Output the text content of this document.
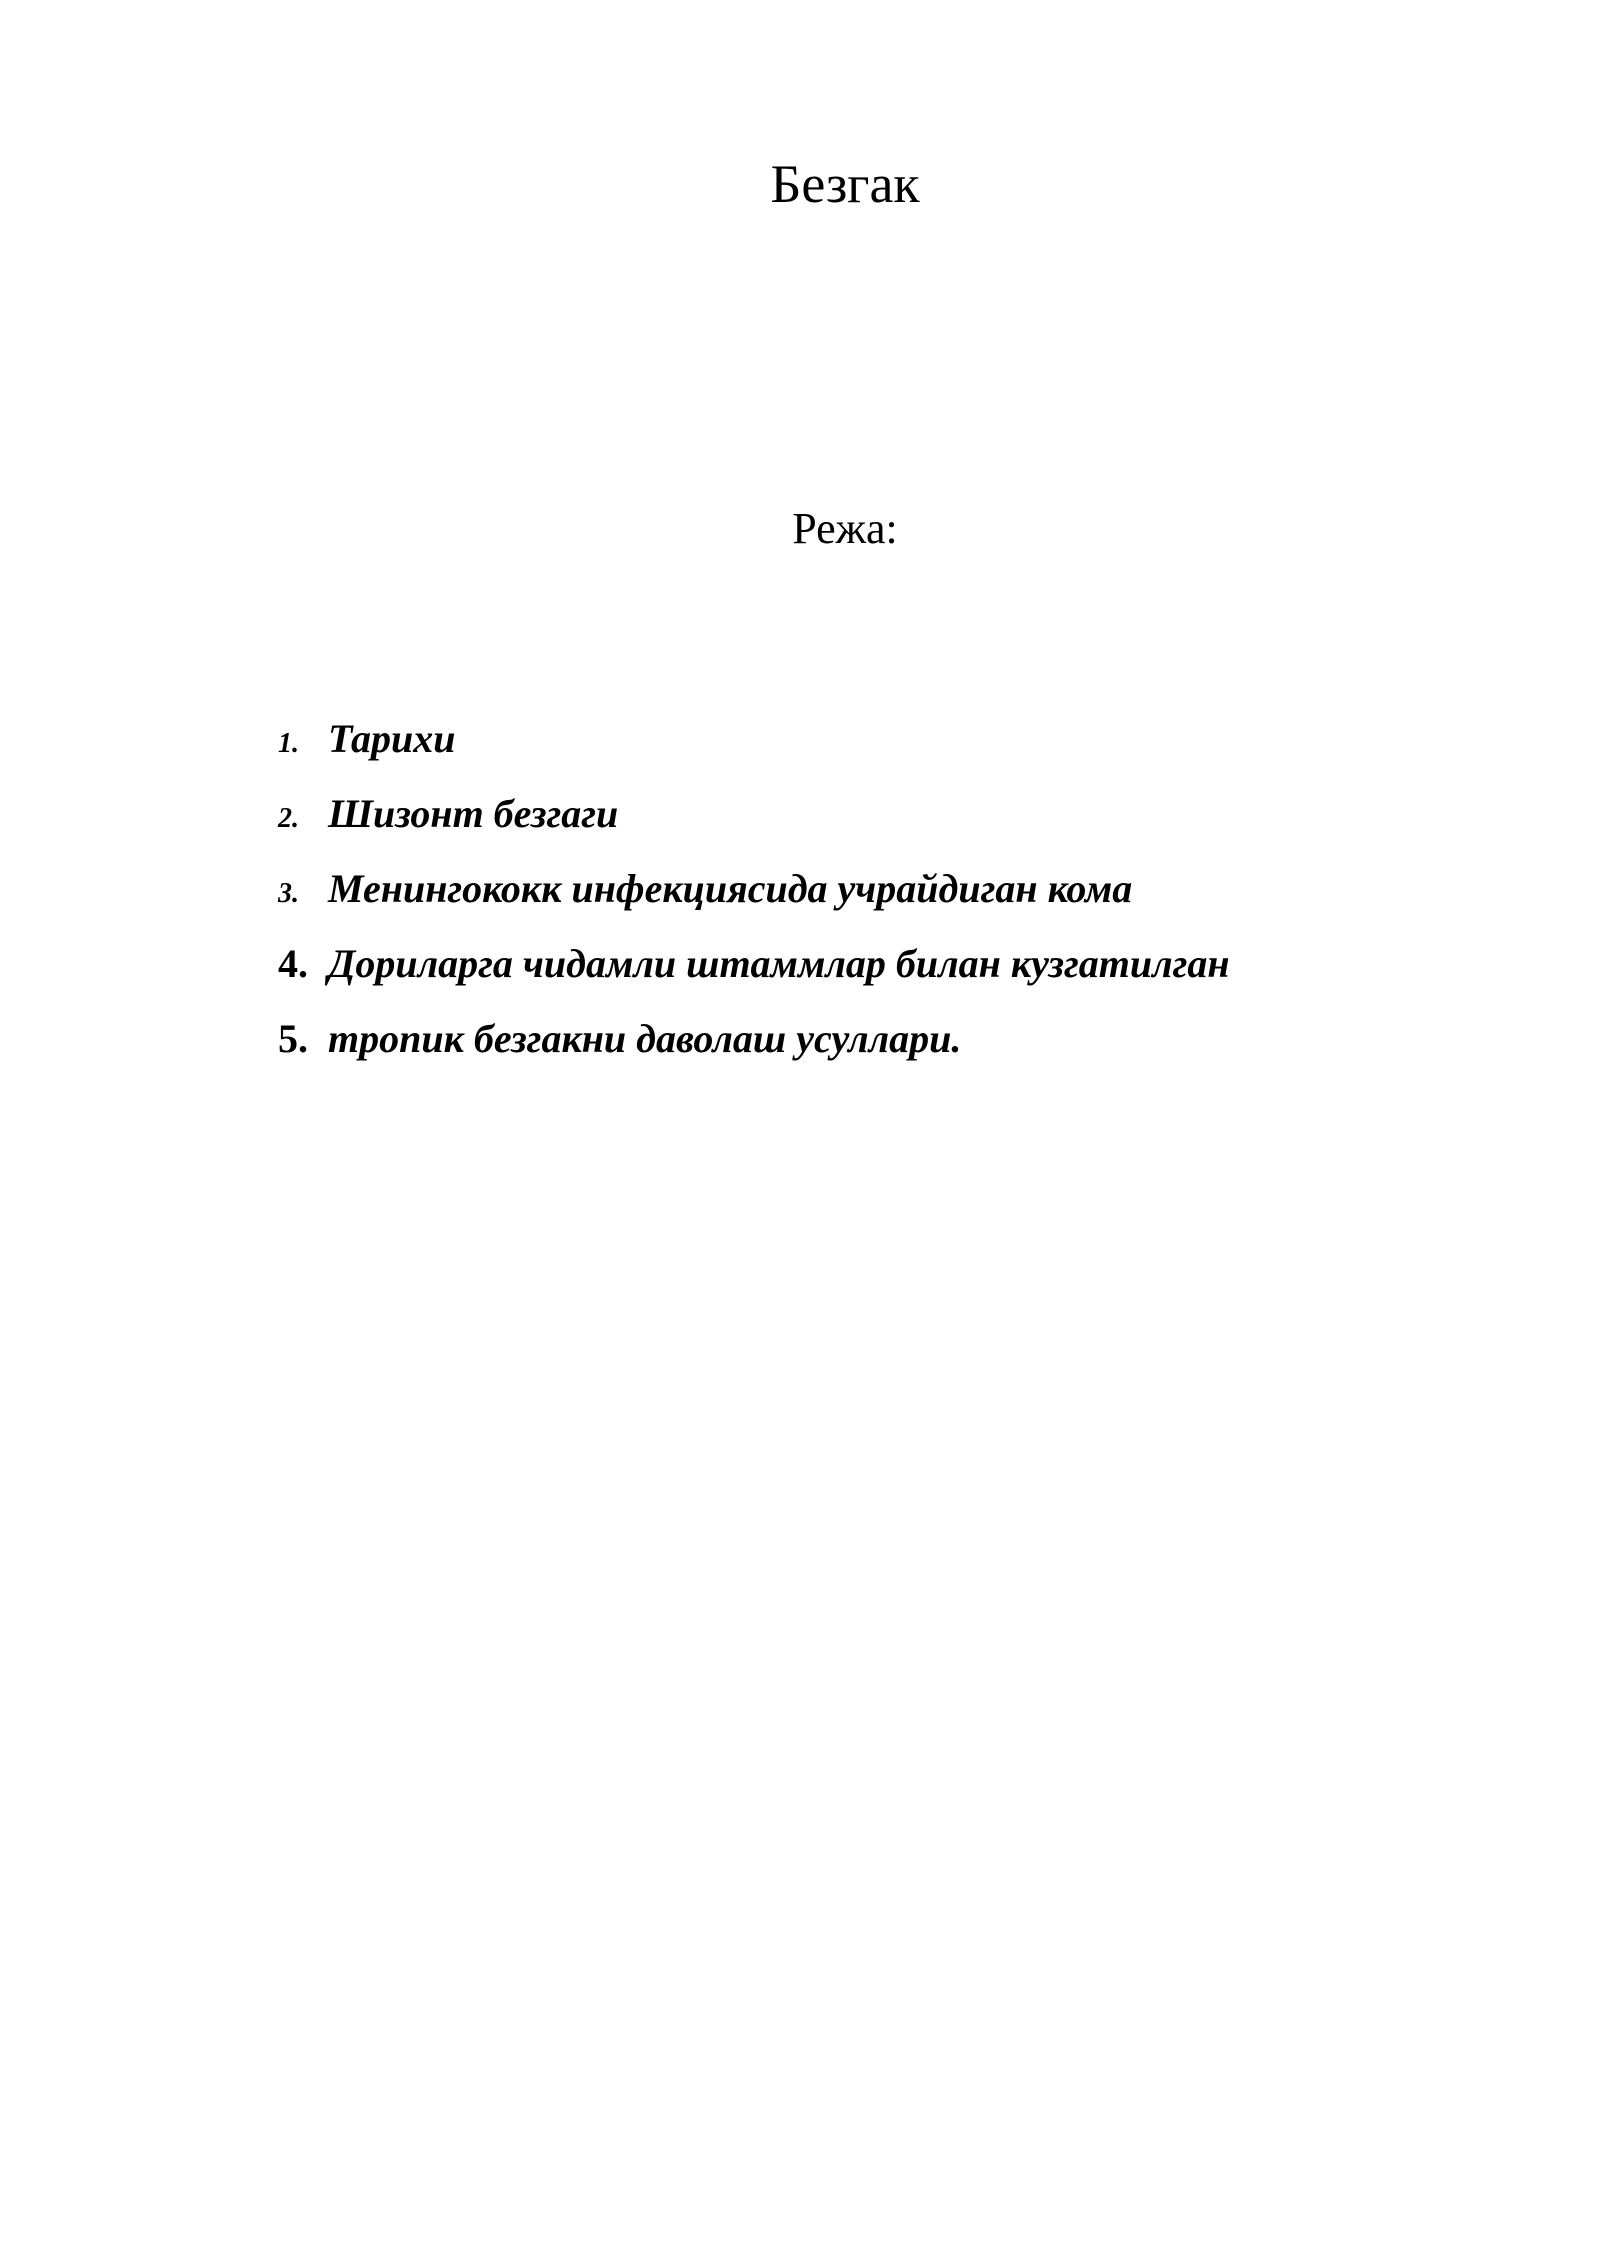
Безгак
Режа:
1. Тарихи
2. Шизонт безгаги
3. Менингококк инфекциясида учрайдиган кома
4. Дориларга чидамли штаммлар билан кузгатилган
5. тропик безгакни даволаш усуллари.
